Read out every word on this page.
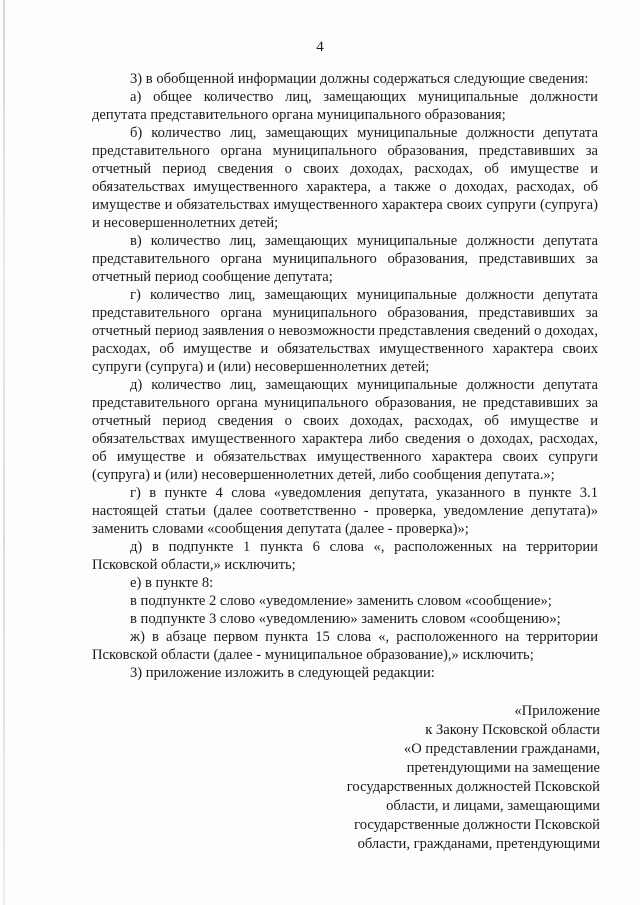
4

3) в обобщенной информации должны содержаться следующие сведения:

а) общее количество лиц, замещающих муниципальные должности депутата представительного органа муниципального образования;

б) количество лиц, замещающих муниципальные должности депутата представительного органа муниципального образования, представивших за отчетный период сведения о своих доходах, расходах, об имуществе и обязательствах имущественного характера, а также о доходах, расходах, об имуществе и обязательствах имущественного характера своих супруги (супруга) и несовершеннолетних детей;

в) количество лиц, замещающих муниципальные должности депутата представительного органа муниципального образования, представивших за отчетный период сообщение депутата;

г) количество лиц, замещающих муниципальные должности депутата представительного органа муниципального образования, представивших за отчетный период заявления о невозможности представления сведений о доходах, расходах, об имуществе и обязательствах имущественного характера своих супруги (супруга) и (или) несовершеннолетних детей;

д) количество лиц, замещающих муниципальные должности депутата представительного органа муниципального образования, не представивших за отчетный период сведения о своих доходах, расходах, об имуществе и обязательствах имущественного характера либо сведения о доходах, расходах, об имуществе и обязательствах имущественного характера своих супруги (супруга) и (или) несовершеннолетних детей, либо сообщения депутата.»;

г) в пункте 4 слова «уведомления депутата, указанного в пункте 3.1 настоящей статьи (далее соответственно - проверка, уведомление депутата)» заменить словами «сообщения депутата (далее - проверка)»;

д) в подпункте 1 пункта 6 слова «, расположенных на территории Псковской области,» исключить;

е) в пункте 8:

в подпункте 2 слово «уведомление» заменить словом «сообщение»;

в подпункте 3 слово «уведомлению» заменить словом «сообщению»;

ж) в абзаце первом пункта 15 слова «, расположенного на территории Псковской области (далее - муниципальное образование),» исключить;

3) приложение изложить в следующей редакции:

«Приложение
к Закону Псковской области
«О представлении гражданами,
претендующими на замещение
государственных должностей Псковской
области, и лицами, замещающими
государственные должности Псковской
области, гражданами, претендующими
